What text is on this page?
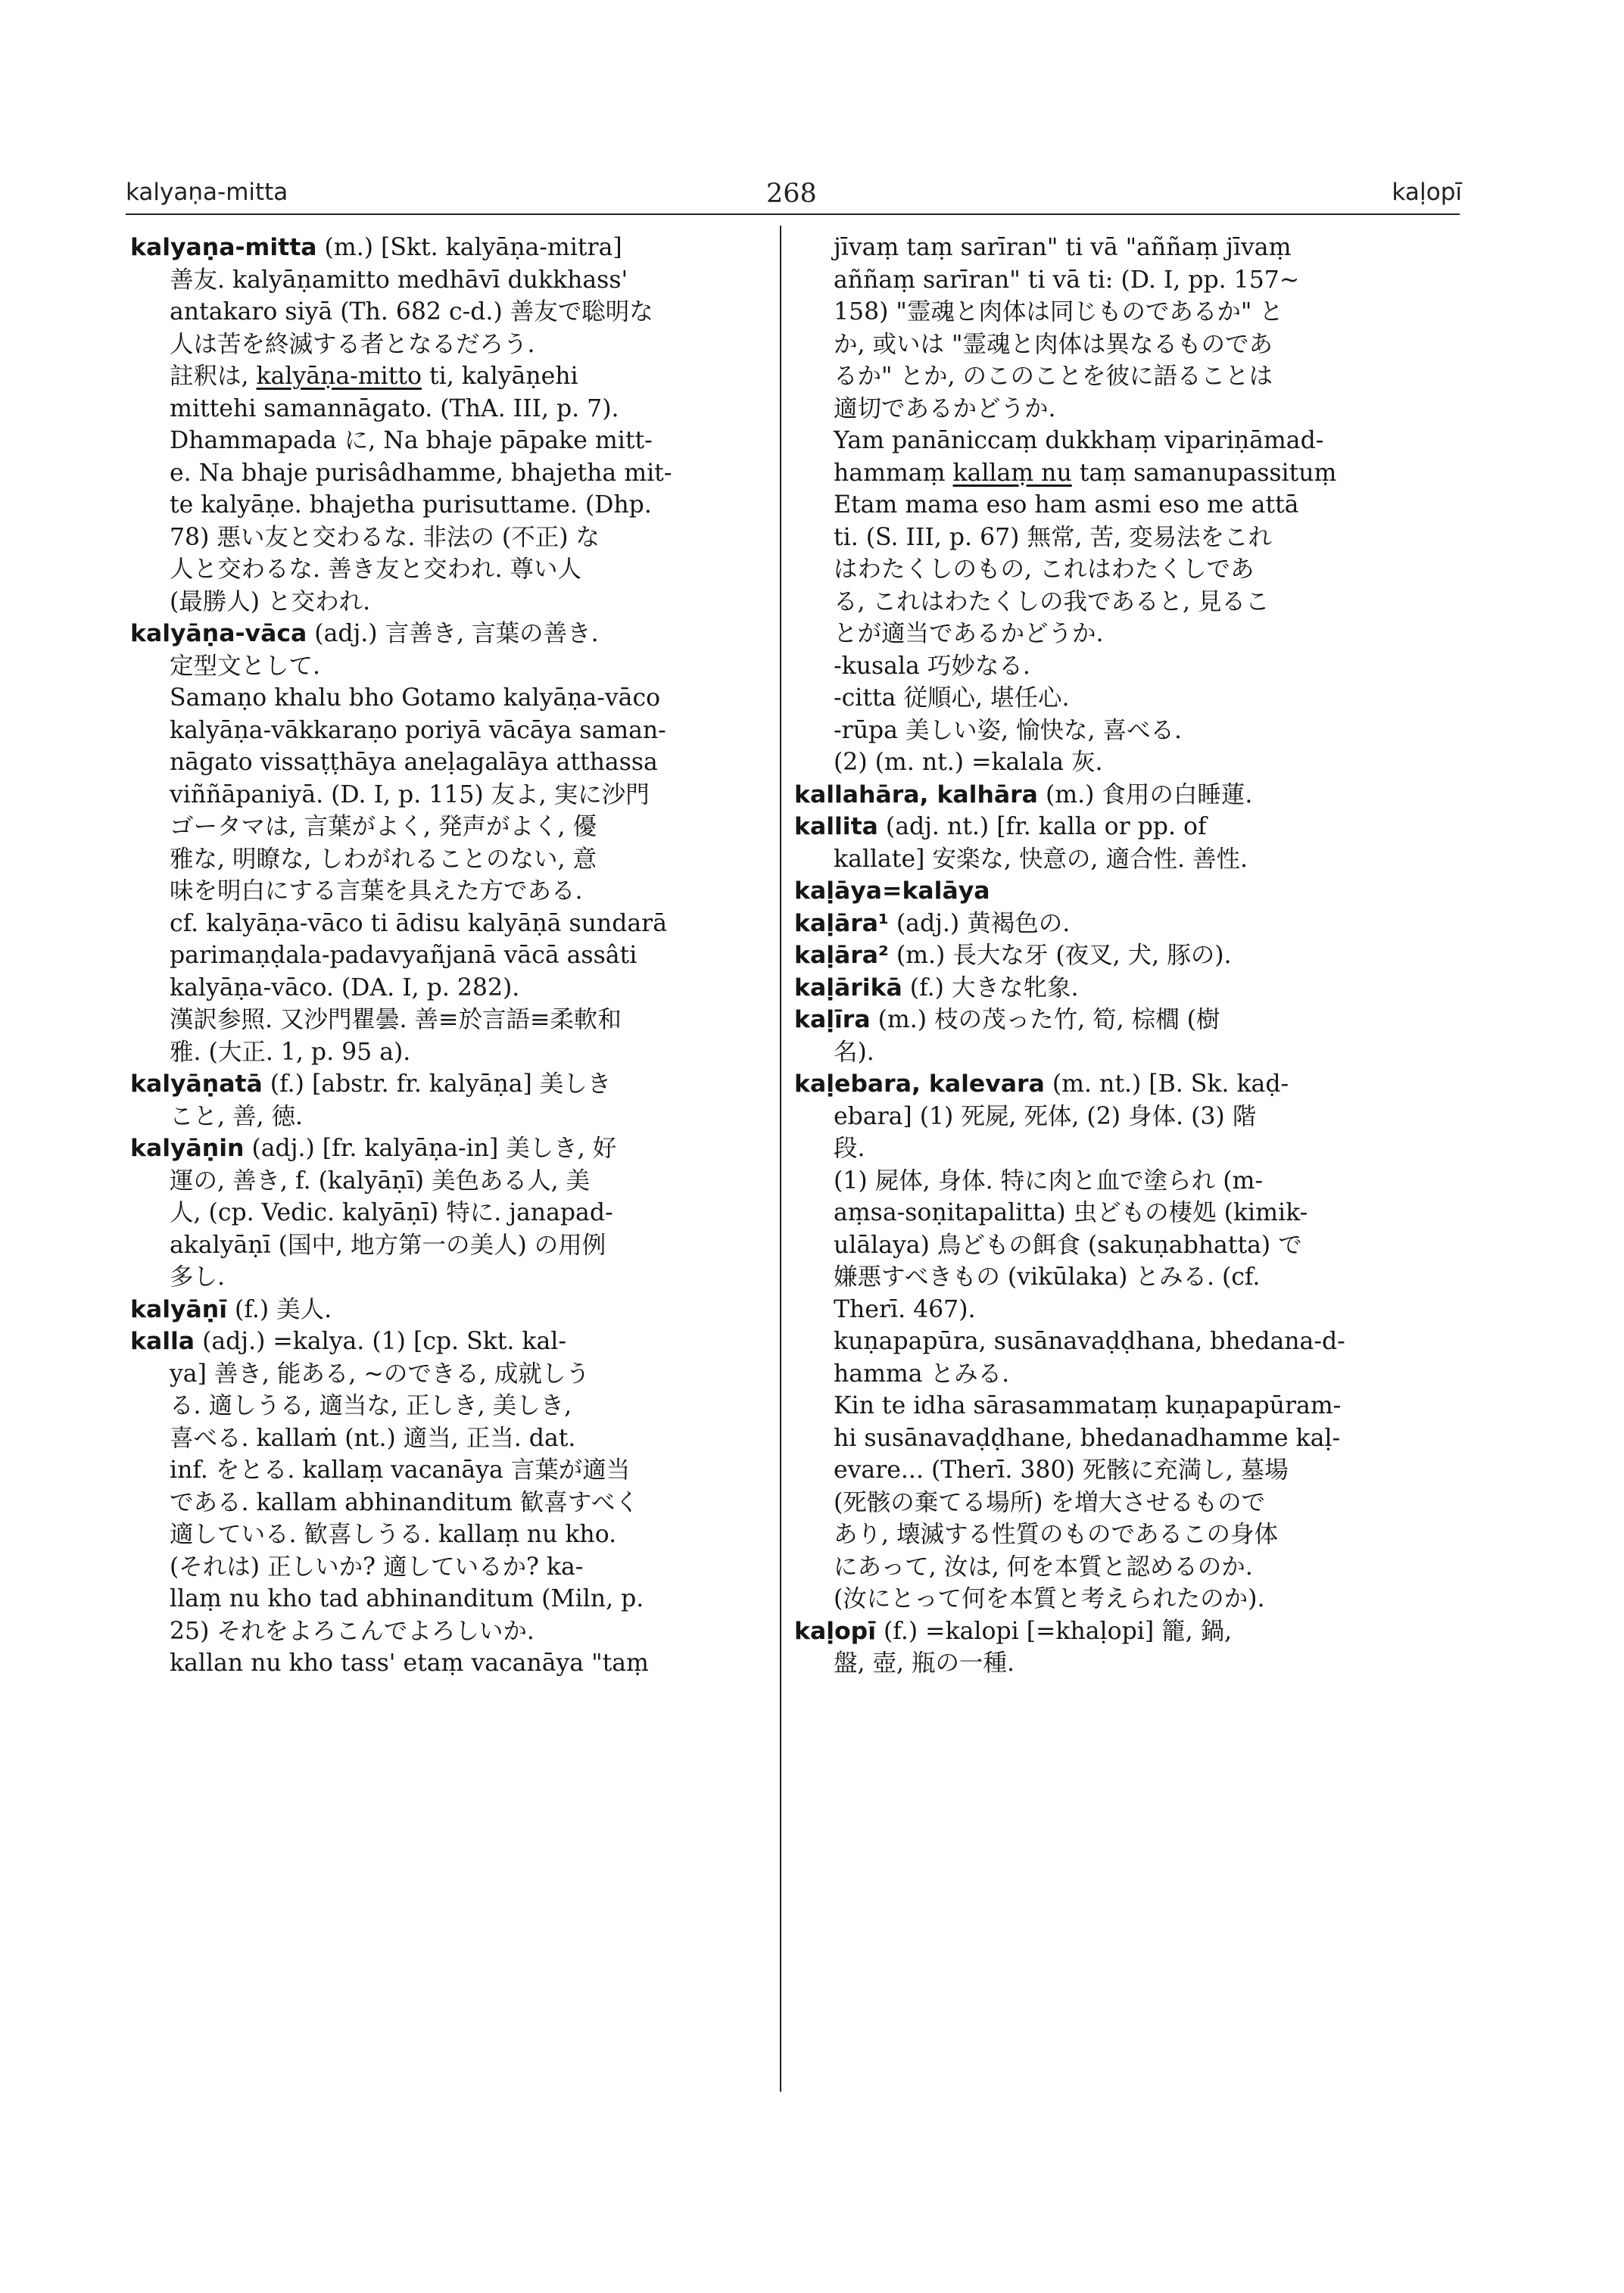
kalyaṇa-mitta	268	kaḷopī
kalyaṇa-mitta (m.) [Skt. kalyāṇa-mitra]
善友. kalyāṇamitto medhāvī dukkhass'
antakaro siyā (Th. 682 c-d.) 善友で聡明な
人は苦を終滅する者となるだろう.
註釈は, kalyāṇa-mitto ti, kalyāṇehi
mittehi samannāgato. (ThA. III, p. 7).
Dhammapada に, Na bhaje pāpake mitt-
e. Na bhaje purisâdhamme, bhajetha mit-
te kalyāṇe. bhajetha purisuttame. (Dhp.
78) 悪い友と交わるな. 非法の (不正) な
人と交わるな. 善き友と交われ. 尊い人
(最勝人) と交われ.
kalyāṇa-vāca (adj.) 言善き, 言葉の善き.
定型文として.
Samaṇo khalu bho Gotamo kalyāṇa-vāco
kalyāṇa-vākkaraṇo poriyā vācāya saman-
nāgato vissaṭṭhāya aneḷagalāya atthassa
viññāpaniyā. (D. I, p. 115) 友よ, 実に沙門
ゴータマは, 言葉がよく, 発声がよく, 優
雅な, 明瞭な, しわがれることのない, 意
味を明白にする言葉を具えた方である.
cf. kalyāṇa-vāco ti ādisu kalyāṇā sundarā
parimaṇḍala-padavyañjanā vācā assâti
kalyāṇa-vāco. (DA. I, p. 282).
漢訳参照. 又沙門瞿曇. 善≡於言語≡柔軟和
雅. (大正. 1, p. 95 a).
kalyāṇatā (f.) [abstr. fr. kalyāṇa] 美しき
こと, 善, 徳.
kalyāṇin (adj.) [fr. kalyāṇa-in] 美しき, 好
運の, 善き, f. (kalyāṇī) 美色ある人, 美
人, (cp. Vedic. kalyāṇī) 特に. janapad-
akalyāṇī (国中, 地方第一の美人) の用例
多し.
kalyāṇī (f.) 美人.
kalla (adj.) =kalya. (1) [cp. Skt. kal-
ya] 善き, 能ある, ~のできる, 成就しう
る. 適しうる, 適当な, 正しき, 美しき,
喜べる. kallaṁ (nt.) 適当, 正当. dat.
inf. をとる. kallaṃ vacanāya 言葉が適当
である. kallam abhinanditum 歓喜すべく
適している. 歓喜しうる. kallaṃ nu kho.
(それは) 正しいか? 適しているか? ka-
llaṃ nu kho tad abhinanditum (Miln, p.
25) それをよろこんでよろしいか.
kallan nu kho tass' etaṃ vacanāya "taṃ
jīvaṃ taṃ sarīran" ti vā "aññaṃ jīvaṃ
aññaṃ sarīran" ti vā ti: (D. I, pp. 157~
158) "霊魂と肉体は同じものであるか" と
か, 或いは "霊魂と肉体は異なるものであ
るか" とか, のこのことを彼に語ることは
適切であるかどうか.
Yam panāniccaṃ dukkhaṃ vipariṇāmad-
hammaṃ kallaṃ nu taṃ samanupassituṃ
Etam mama eso ham asmi eso me attā
ti. (S. III, p. 67) 無常, 苦, 変易法をこれ
はわたくしのもの, これはわたくしであ
る, これはわたくしの我であると, 見るこ
とが適当であるかどうか.
-kusala 巧妙なる.
-citta 従順心, 堪任心.
-rūpa 美しい姿, 愉快な, 喜べる.
(2) (m. nt.) =kalala 灰.
kallahāra, kalhāra (m.) 食用の白睡蓮.
kallita (adj. nt.) [fr. kalla or pp. of
kallate] 安楽な, 快意の, 適合性. 善性.
kaḷāya=kalāya
kaḷāra¹ (adj.) 黄褐色の.
kaḷāra² (m.) 長大な牙 (夜叉, 犬, 豚の).
kaḷārikā (f.) 大きな牝象.
kaḷīra (m.) 枝の茂った竹, 筍, 棕櫚 (樹
名).
kaḷebara, kalevara (m. nt.) [B. Sk. kaḍ-
ebara] (1) 死屍, 死体, (2) 身体. (3) 階
段.
(1) 屍体, 身体. 特に肉と血で塗られ (m-
aṃsa-soṇitapalitta) 虫どもの棲処 (kimik-
ulālaya) 鳥どもの餌食 (sakuṇabhatta) で
嫌悪すべきもの (vikūlaka) とみる. (cf.
Therī. 467).
kuṇapapūra, susānavaḍḍhana, bhedana-d-
hamma とみる.
Kin te idha sārasammataṃ kuṇapapūram-
hi susānavaḍḍhane, bhedanadhamme kaḷ-
evare... (Therī. 380) 死骸に充満し, 墓場
(死骸の棄てる場所) を増大させるもので
あり, 壊滅する性質のものであるこの身体
にあって, 汝は, 何を本質と認めるのか.
(汝にとって何を本質と考えられたのか).
kaḷopī (f.) =kalopi [=khaḷopi] 籠, 鍋,
盤, 壺, 瓶の一種.
